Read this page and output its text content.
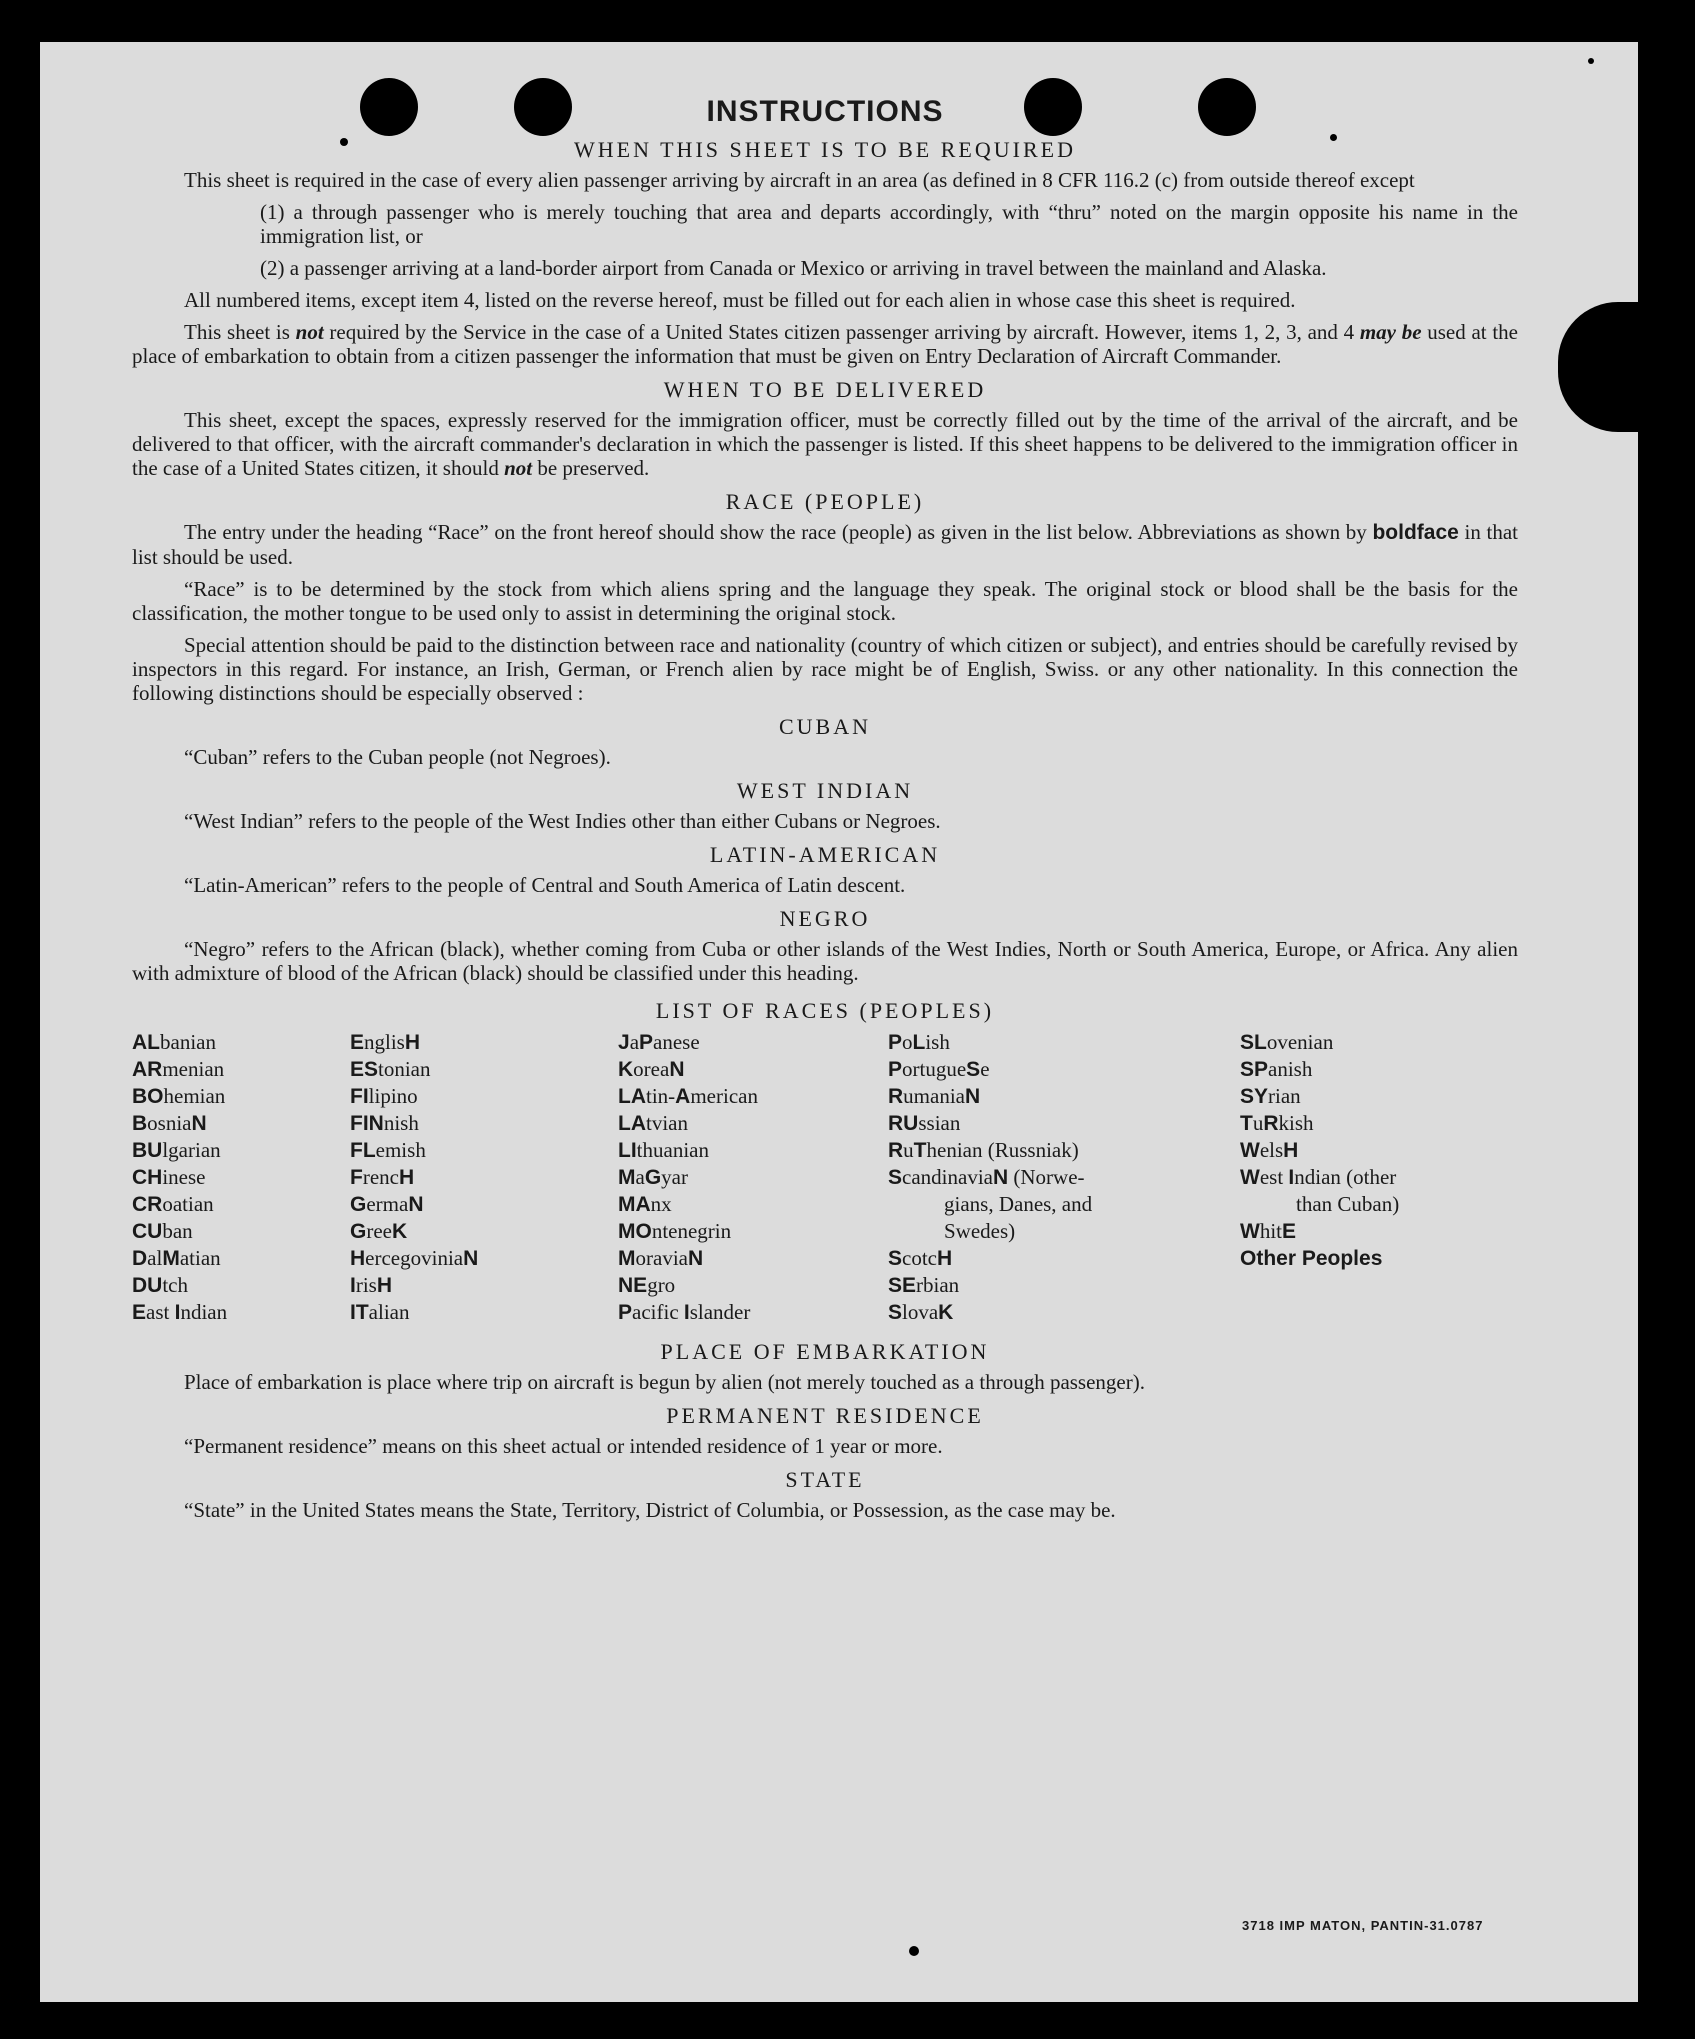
INSTRUCTIONS
WHEN THIS SHEET IS TO BE REQUIRED

This sheet is required in the case of every alien passenger arriving by aircraft in an area (as defined in 8 CFR 116.2 (c) from outside thereof except

(1) a through passenger who is merely touching that area and departs accordingly, with “thru” noted on the margin opposite his name in the immigration list, or

(2) a passenger arriving at a land-border airport from Canada or Mexico or arriving in travel between the mainland and Alaska.

All numbered items, except item 4, listed on the reverse hereof, must be filled out for each alien in whose case this sheet is required.

This sheet is not required by the Service in the case of a United States citizen passenger arriving by aircraft. However, items 1, 2, 3, and 4 may be used at the place of embarkation to obtain from a citizen passenger the information that must be given on Entry Declaration of Aircraft Commander.

WHEN TO BE DELIVERED

This sheet, except the spaces, expressly reserved for the immigration officer, must be correctly filled out by the time of the arrival of the aircraft, and be delivered to that officer, with the aircraft commander's declaration in which the passenger is listed. If this sheet happens to be delivered to the immigration officer in the case of a United States citizen, it should not be preserved.

RACE (PEOPLE)

The entry under the heading “Race” on the front hereof should show the race (people) as given in the list below. Abbreviations as shown by boldface in that list should be used.

“Race” is to be determined by the stock from which aliens spring and the language they speak. The original stock or blood shall be the basis for the classification, the mother tongue to be used only to assist in determining the original stock.

Special attention should be paid to the distinction between race and nationality (country of which citizen or subject), and entries should be carefully revised by inspectors in this regard. For instance, an Irish, German, or French alien by race might be of English, Swiss. or any other nationality. In this connection the following distinctions should be especially observed :

CUBAN

“Cuban” refers to the Cuban people (not Negroes).

WEST INDIAN

“West Indian” refers to the people of the West Indies other than either Cubans or Negroes.

LATIN-AMERICAN

“Latin-American” refers to the people of Central and South America of Latin descent.

NEGRO

“Negro” refers to the African (black), whether coming from Cuba or other islands of the West Indies, North or South America, Europe, or Africa. Any alien with admixture of blood of the African (black) should be classified under this heading.

LIST OF RACES (PEOPLES)
ALbanian
ARmenian
BOhemian
BosniaN
BUlgarian
CHinese
CRoatian
CUban
DalMatian
DUtch
East Indian
EnglisH
EStonian
FIlipino
FINnish
FLemish
FrencH
GermaN
GreeK
HercegoviniaN
IrisH
ITalian
JaPanese
KoreaN
LAtin-American
LAtvian
LIthuanian
MaGyar
MAnx
MOntenegrin
MoraviaN
NEgro
Pacific Islander
PoLish
PortugueSe
RumaniaN
RUssian
RuThenian (Russniak)
ScandinaviaN (Norwe-
gians, Danes, and
Swedes)
ScotcH
SErbian
SlovaK
SLovenian
SPanish
SYrian
TuRkish
WelsH
West Indian (other
than Cuban)
WhitE
Other Peoples
PLACE OF EMBARKATION

Place of embarkation is place where trip on aircraft is begun by alien (not merely touched as a through passenger).

PERMANENT RESIDENCE

“Permanent residence” means on this sheet actual or intended residence of 1 year or more.

STATE

“State” in the United States means the State, Territory, District of Columbia, or Possession, as the case may be.

3718 IMP MATON, PANTIN-31.0787
